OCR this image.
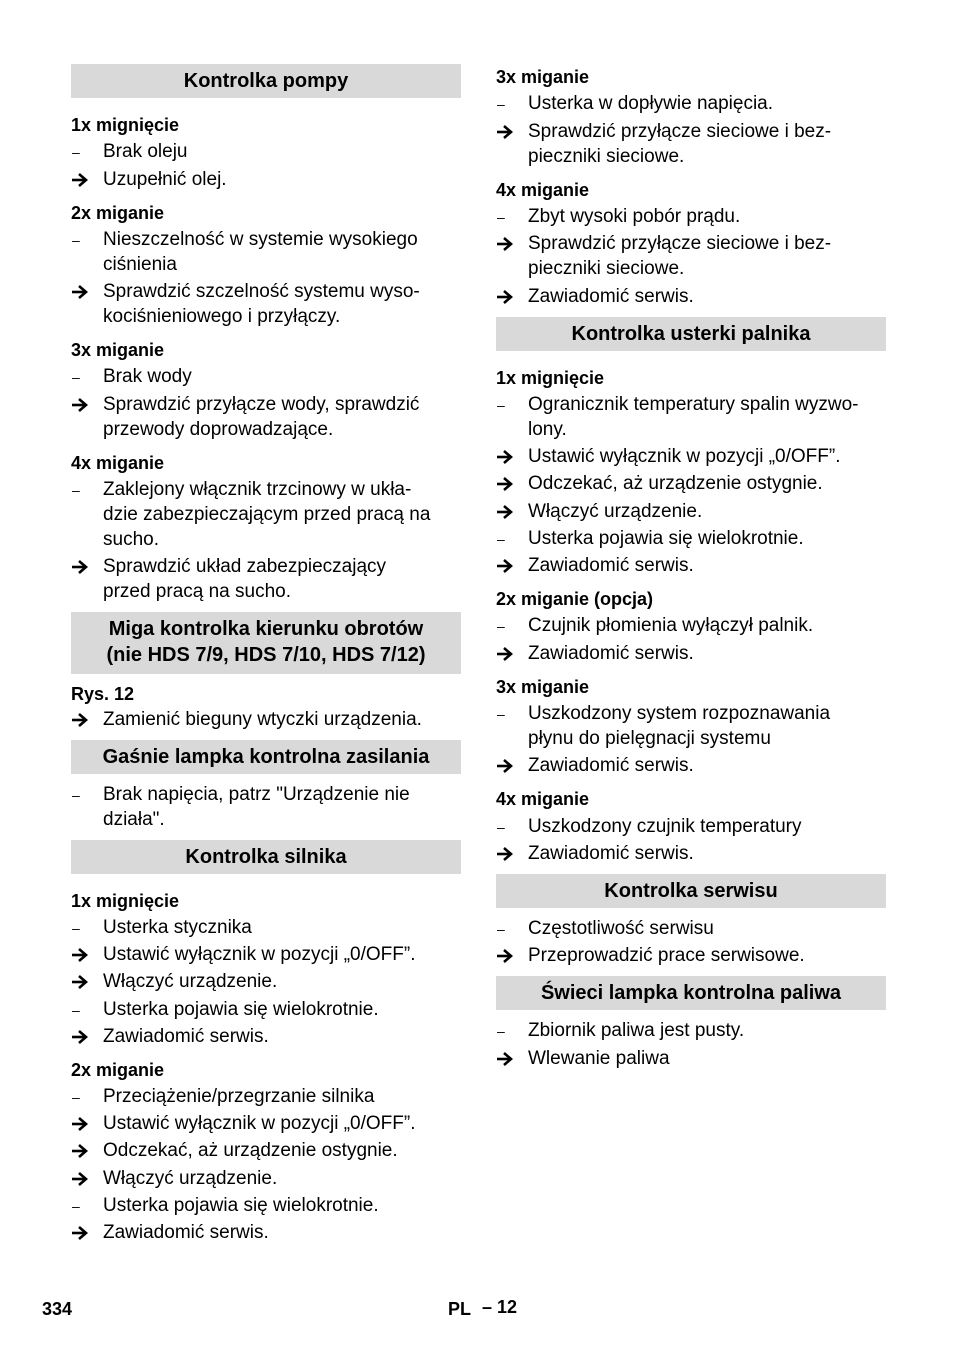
Kontrolka pompy
1x mignięcie
–
Brak oleju
Uzupełnić olej.
2x miganie
–
Nieszczelność w systemie wysokiego
ciśnienia
Sprawdzić szczelność systemu wyso-
kociśnieniowego i przyłączy.
3x miganie
–
Brak wody
Sprawdzić przyłącze wody, sprawdzić
przewody doprowadzające.
4x miganie
–
Zaklejony włącznik trzcinowy w ukła-
dzie zabezpieczającym przed pracą na
sucho.
Sprawdzić układ zabezpieczający
przed pracą na sucho.
Miga kontrolka kierunku obrotów
(nie HDS 7/9, HDS 7/10, HDS 7/12)
Rys. 12
Zamienić bieguny wtyczki urządzenia.
Gaśnie lampka kontrolna zasilania
–
Brak napięcia, patrz "Urządzenie nie
działa".
Kontrolka silnika
1x mignięcie
–
Usterka stycznika
Ustawić wyłącznik w pozycji „0/OFF”.
Włączyć urządzenie.
–
Usterka pojawia się wielokrotnie.
Zawiadomić serwis.
2x miganie
–
Przeciążenie/przegrzanie silnika
Ustawić wyłącznik w pozycji „0/OFF”.
Odczekać, aż urządzenie ostygnie.
Włączyć urządzenie.
–
Usterka pojawia się wielokrotnie.
Zawiadomić serwis.
3x miganie
–
Usterka w dopływie napięcia.
Sprawdzić przyłącze sieciowe i bez-
pieczniki sieciowe.
4x miganie
–
Zbyt wysoki pobór prądu.
Sprawdzić przyłącze sieciowe i bez-
pieczniki sieciowe.
Zawiadomić serwis.
Kontrolka usterki palnika
1x mignięcie
–
Ogranicznik temperatury spalin wyzwo-
lony.
Ustawić wyłącznik w pozycji „0/OFF”.
Odczekać, aż urządzenie ostygnie.
Włączyć urządzenie.
–
Usterka pojawia się wielokrotnie.
Zawiadomić serwis.
2x miganie (opcja)
–
Czujnik płomienia wyłączył palnik.
Zawiadomić serwis.
3x miganie
–
Uszkodzony system rozpoznawania
płynu do pielęgnacji systemu
Zawiadomić serwis.
4x miganie
–
Uszkodzony czujnik temperatury
Zawiadomić serwis.
Kontrolka serwisu
–
Częstotliwość serwisu
Przeprowadzić prace serwisowe.
Świeci lampka kontrolna paliwa
–
Zbiornik paliwa jest pusty.
Wlewanie paliwa
334	PL – 12
